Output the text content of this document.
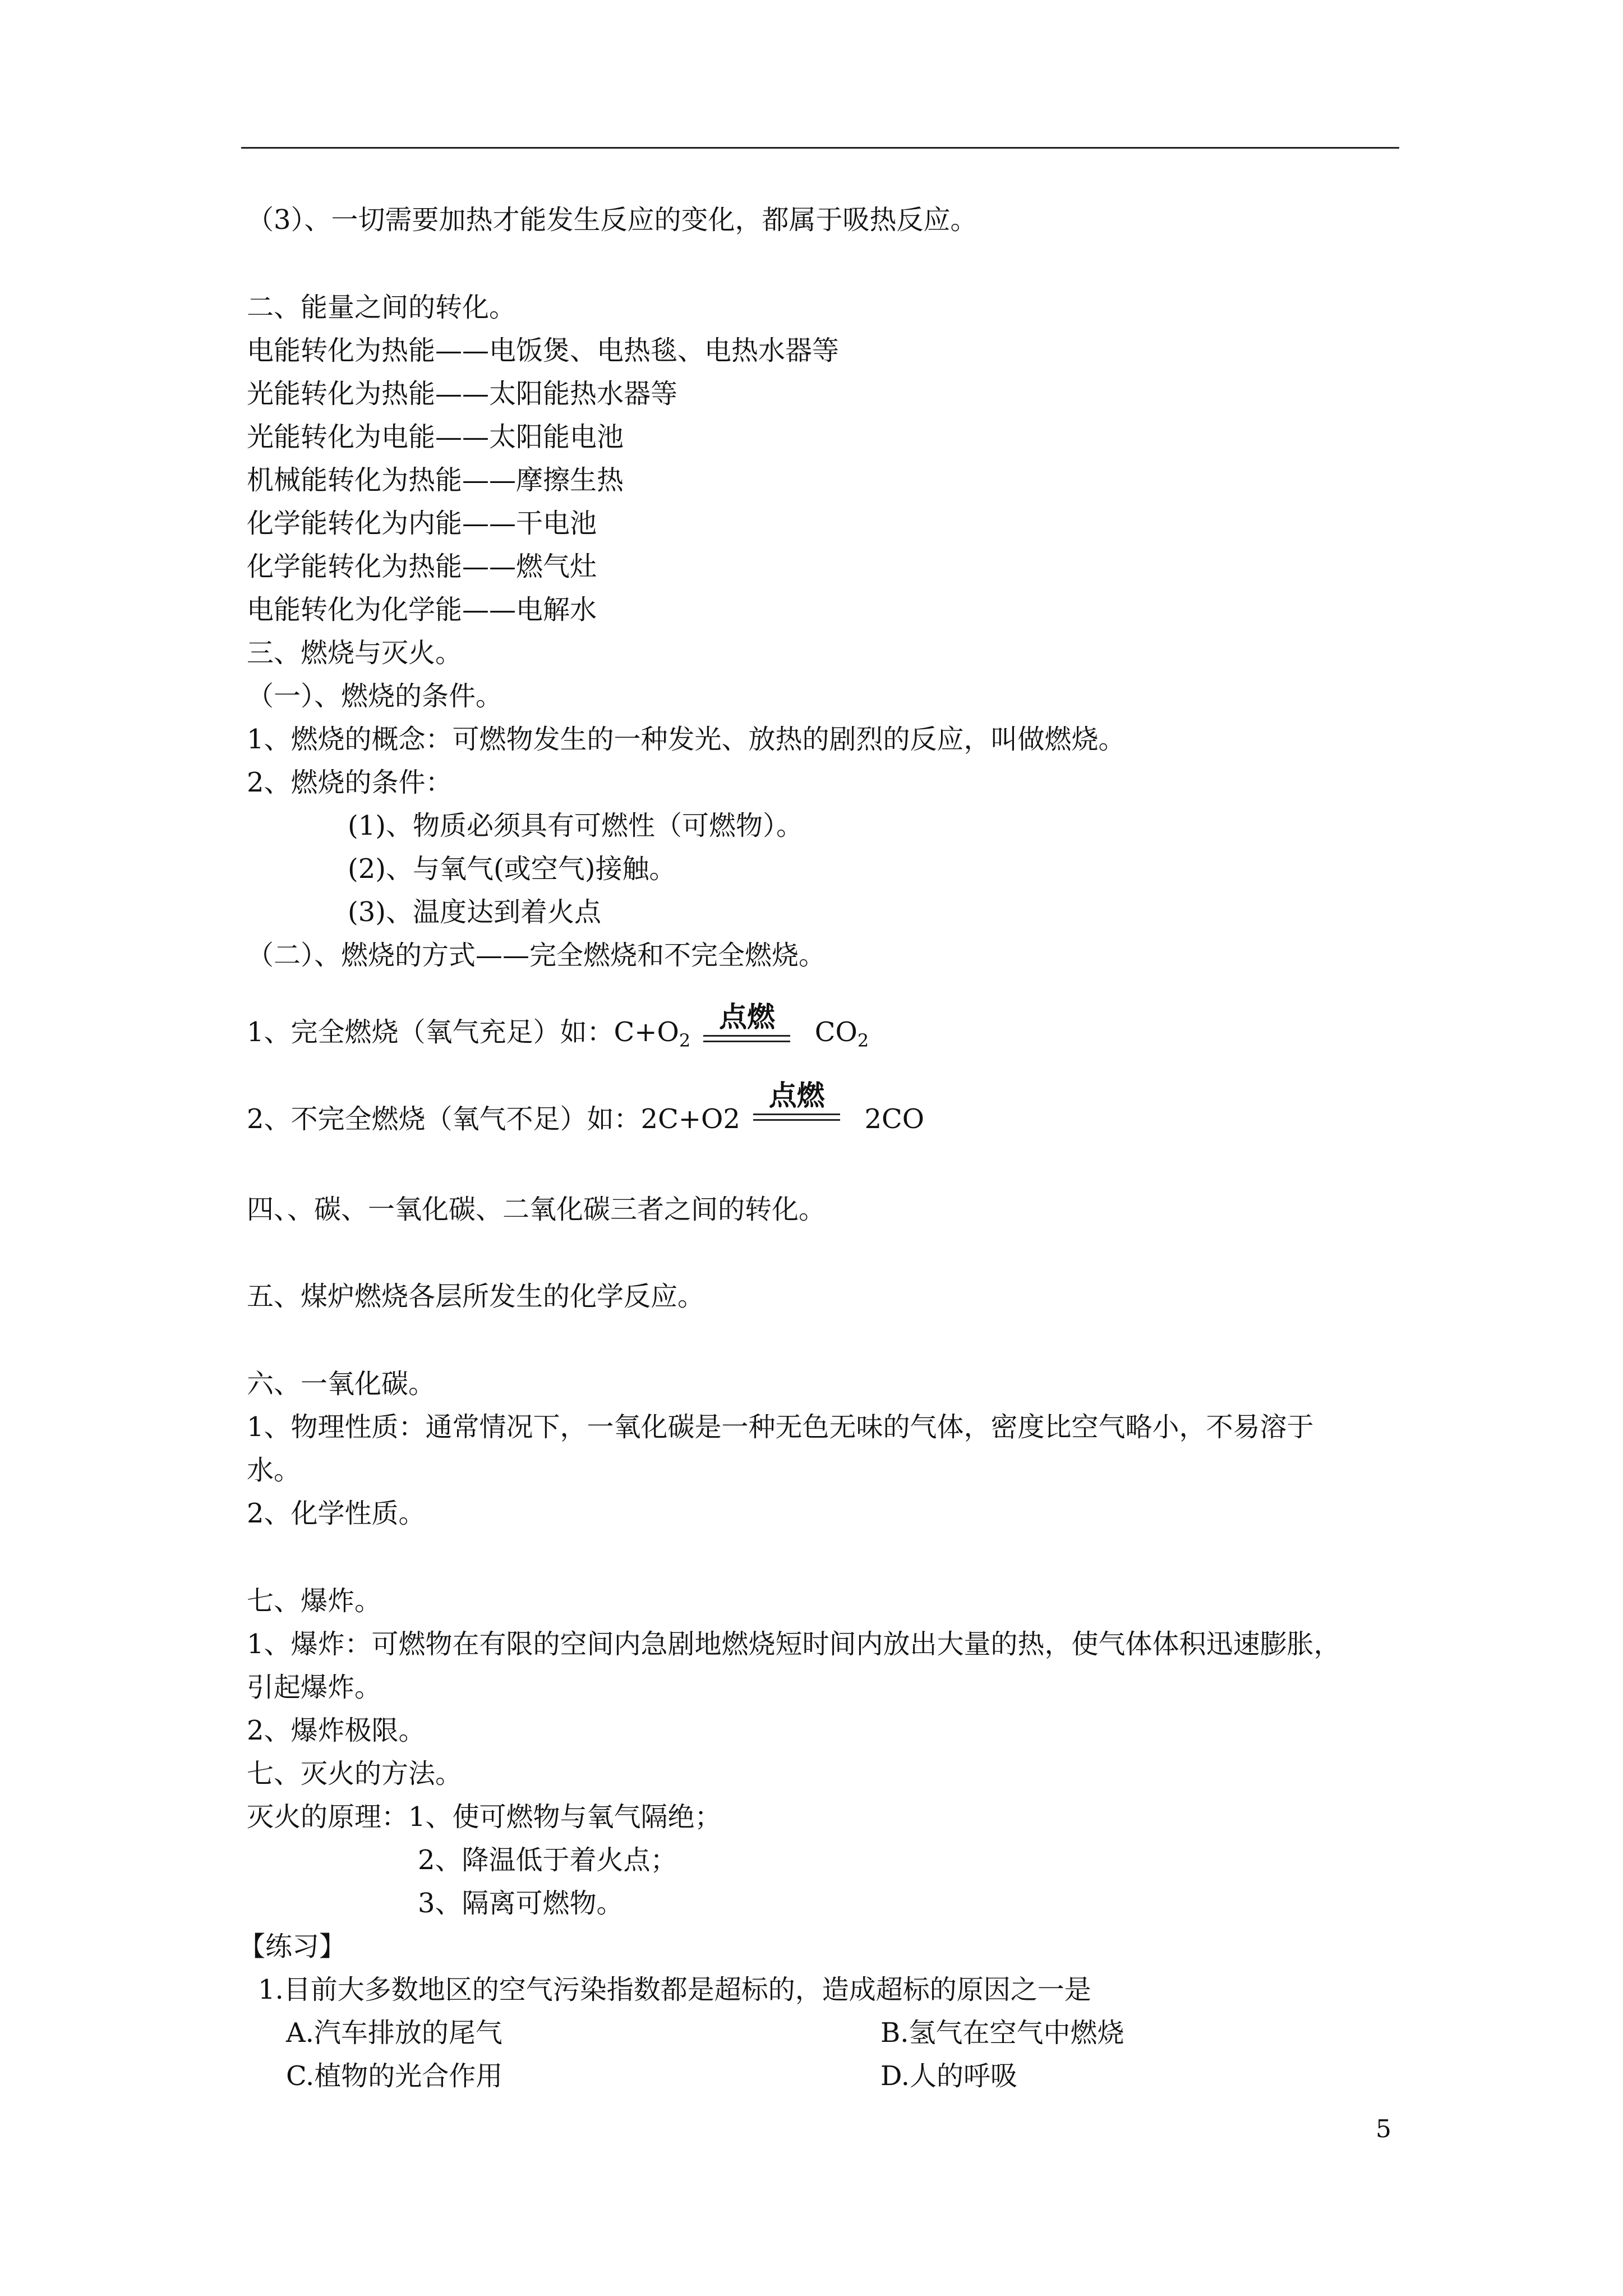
（3）、一切需要加热才能发生反应的变化，都属于吸热反应。
二、能量之间的转化。
电能转化为热能——电饭煲、电热毯、电热水器等
光能转化为热能——太阳能热水器等
光能转化为电能——太阳能电池
机械能转化为热能——摩擦生热
化学能转化为内能——干电池
化学能转化为热能——燃气灶
电能转化为化学能——电解水
三、燃烧与灭火。
（一）、燃烧的条件。
1、燃烧的概念：可燃物发生的一种发光、放热的剧烈的反应，叫做燃烧。
2、燃烧的条件：
(1)、物质必须具有可燃性（可燃物）。
(2)、与氧气(或空气)接触。
(3)、温度达到着火点
（二）、燃烧的方式——完全燃烧和不完全燃烧。
1、完全燃烧（氧气充足）如：$C+O_2$
点燃	$CO_2$
2、不完全燃烧（氧气不足）如：2C+O2
点燃
2CO
四、、碳、一氧化碳、二氧化碳三者之间的转化。
五、煤炉燃烧各层所发生的化学反应。
六、一氧化碳。
1、物理性质：通常情况下，一氧化碳是一种无色无味的气体，密度比空气略小，不易溶于
水。
2、化学性质。
七、爆炸。
1、爆炸：可燃物在有限的空间内急剧地燃烧短时间内放出大量的热，使气体体积迅速膨胀，
引起爆炸。
2、爆炸极限。
七、灭火的方法。
灭火的原理：1、使可燃物与氧气隔绝；
2、降温低于着火点；
3、隔离可燃物。
【练习】
1.目前大多数地区的空气污染指数都是超标的，造成超标的原因之一是
A.汽车排放的尾气	B.氢气在空气中燃烧
C.植物的光合作用	D.人的呼吸
5
